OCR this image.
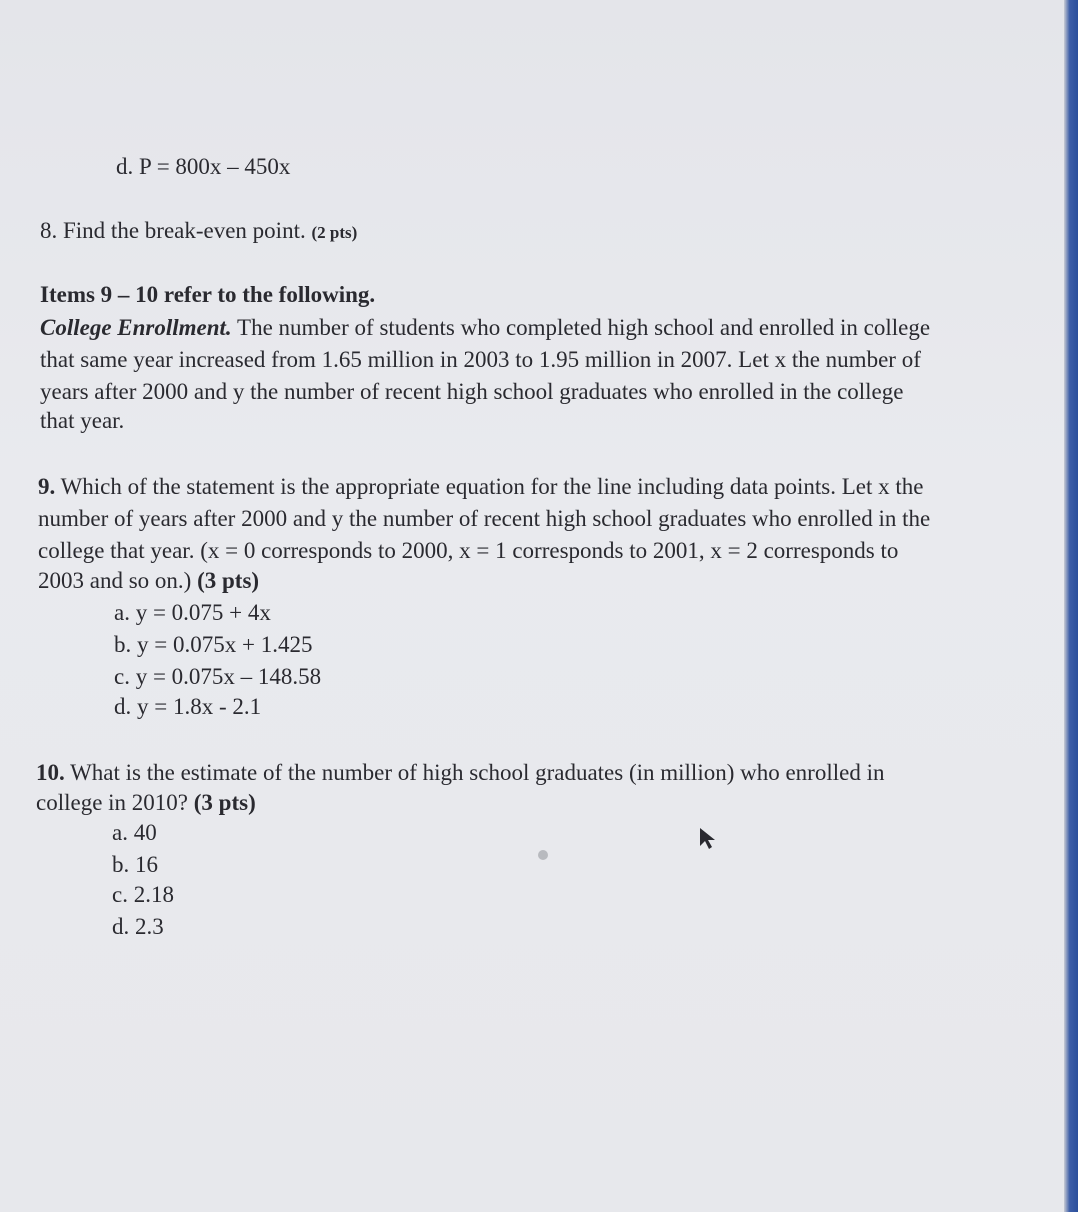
d. P = 800x – 450x
8. Find the break-even point. (2 pts)
Items 9 – 10 refer to the following.
College Enrollment. The number of students who completed high school and enrolled in college
that same year increased from 1.65 million in 2003 to 1.95 million in 2007. Let x the number of
years after 2000 and y the number of recent high school graduates who enrolled in the college
that year.
9. Which of the statement is the appropriate equation for the line including data points. Let x the
number of years after 2000 and y the number of recent high school graduates who enrolled in the
college that year. (x = 0 corresponds to 2000, x = 1 corresponds to 2001, x = 2 corresponds to
2003 and so on.) (3 pts)
a. y = 0.075 + 4x
b. y = 0.075x + 1.425
c. y = 0.075x – 148.58
d. y = 1.8x - 2.1
10. What is the estimate of the number of high school graduates (in million) who enrolled in
college in 2010? (3 pts)
a. 40
b. 16
c. 2.18
d. 2.3
